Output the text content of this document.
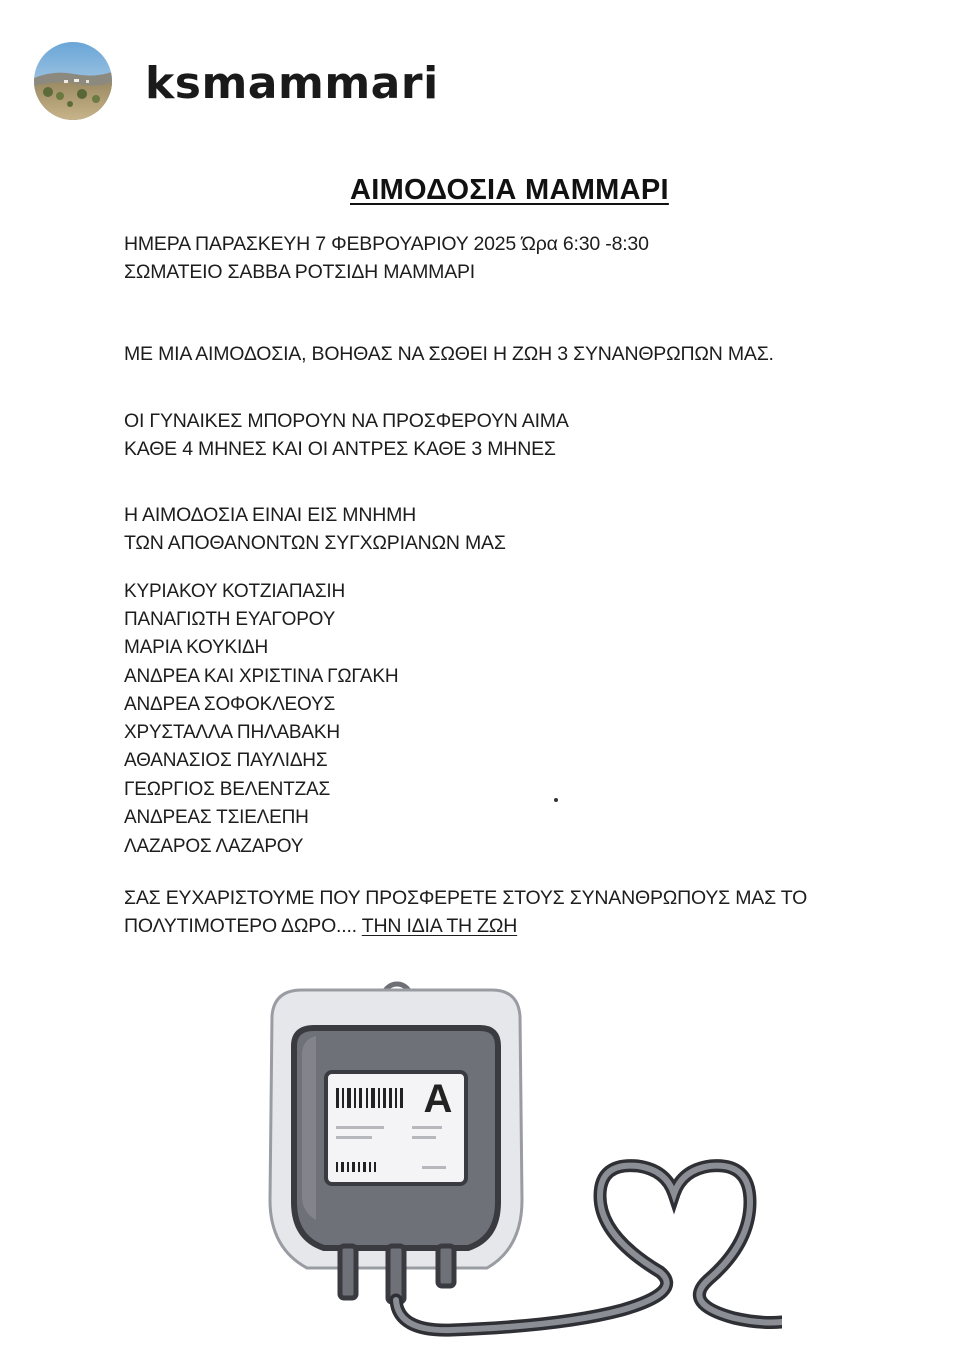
ksmammari
ΑΙΜΟΔΟΣΙΑ ΜΑΜΜΑΡΙ
ΗΜΕΡΑ ΠΑΡΑΣΚΕΥΗ 7 ΦΕΒΡΟΥΑΡΙΟΥ 2025 Ώρα 6:30 -8:30
ΣΩΜΑΤΕΙΟ ΣΑΒΒΑ ΡΟΤΣΙΔΗ ΜΑΜΜΑΡΙ
ΜΕ ΜΙΑ ΑΙΜΟΔΟΣΙΑ, ΒΟΗΘΑΣ ΝΑ ΣΩΘΕΙ Η ΖΩΗ 3 ΣΥΝΑΝΘΡΩΠΩΝ ΜΑΣ.
ΟΙ ΓΥΝΑΙΚΕΣ ΜΠΟΡΟΥΝ ΝΑ ΠΡΟΣΦΕΡΟΥΝ ΑΙΜΑ
ΚΑΘΕ 4 ΜΗΝΕΣ ΚΑΙ ΟΙ ΑΝΤΡΕΣ ΚΑΘΕ 3 ΜΗΝΕΣ
Η ΑΙΜΟΔΟΣΙΑ ΕΙΝΑΙ ΕΙΣ ΜΝΗΜΗ
ΤΩΝ ΑΠΟΘΑΝΟΝΤΩΝ ΣΥΓΧΩΡΙΑΝΩΝ ΜΑΣ
ΚΥΡΙΑΚΟΥ ΚΟΤΖΙΑΠΑΣΙΗ
ΠΑΝΑΓΙΩΤΗ ΕΥΑΓΟΡΟΥ
ΜΑΡΙΑ ΚΟΥΚΙΔΗ
ΑΝΔΡΕΑ ΚΑΙ ΧΡΙΣΤΙΝΑ ΓΩΓΑΚΗ
ΑΝΔΡΕΑ ΣΟΦΟΚΛΕΟΥΣ
ΧΡΥΣΤΑΛΛΑ ΠΗΛΑΒΑΚΗ
ΑΘΑΝΑΣΙΟΣ ΠΑΥΛΙΔΗΣ
ΓΕΩΡΓΙΟΣ ΒΕΛΕΝΤΖΑΣ
ΑΝΔΡΕΑΣ ΤΣΙΕΛΕΠΗ
ΛΑΖΑΡΟΣ ΛΑΖΑΡΟΥ
ΣΑΣ ΕΥΧΑΡΙΣΤΟΥΜΕ ΠΟΥ ΠΡΟΣΦΕΡΕΤΕ ΣΤΟΥΣ ΣΥΝΑΝΘΡΩΠΟΥΣ ΜΑΣ ΤΟ
ΠΟΛΥΤΙΜΟΤΕΡΟ ΔΩΡΟ.... ΤΗΝ ΙΔΙΑ ΤΗ ΖΩΗ
A
